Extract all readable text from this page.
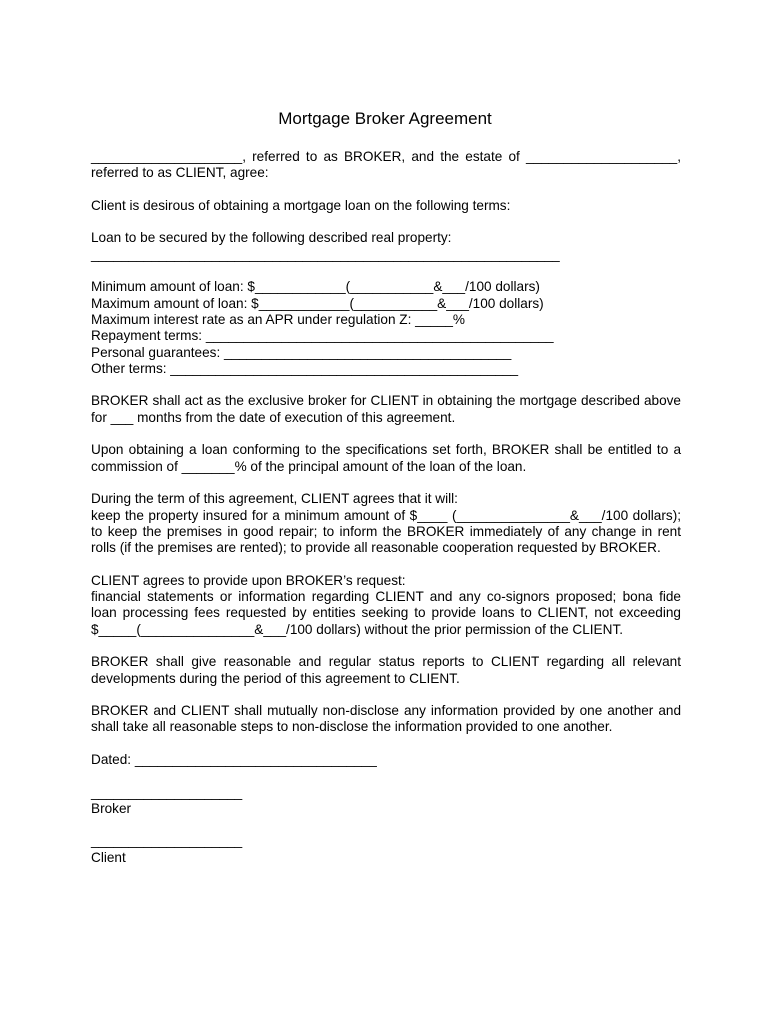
Mortgage Broker Agreement
____________________, referred to as BROKER, and the estate of ____________________,
referred to as CLIENT, agree:
Client is desirous of obtaining a mortgage loan on the following terms:
Loan to be secured by the following described real property:
______________________________________________________________
Minimum amount of loan: $____________(___________&___/100 dollars)
Maximum amount of loan: $____________(___________&___/100 dollars)
Maximum interest rate as an APR under regulation Z: _____%
Repayment terms: ______________________________________________
Personal guarantees: ______________________________________
Other terms: ______________________________________________
BROKER shall act as the exclusive broker for CLIENT in obtaining the mortgage described above
for ___ months from the date of execution of this agreement.
Upon obtaining a loan conforming to the specifications set forth, BROKER shall be entitled to a
commission of _______% of the principal amount of the loan of the loan.
During the term of this agreement, CLIENT agrees that it will:
keep the property insured for a minimum amount of $____ (_______________&___/100 dollars);
to keep the premises in good repair; to inform the BROKER immediately of any change in rent
rolls (if the premises are rented); to provide all reasonable cooperation requested by BROKER.
CLIENT agrees to provide upon BROKER’s request:
financial statements or information regarding CLIENT and any co-signors proposed; bona fide
loan processing fees requested by entities seeking to provide loans to CLIENT, not exceeding
$_____(_______________&___/100 dollars) without the prior permission of the CLIENT.
BROKER shall give reasonable and regular status reports to CLIENT regarding all relevant
developments during the period of this agreement to CLIENT.
BROKER and CLIENT shall mutually non-disclose any information provided by one another and
shall take all reasonable steps to non-disclose the information provided to one another.
Dated: ________________________________
____________________
Broker
____________________
Client
